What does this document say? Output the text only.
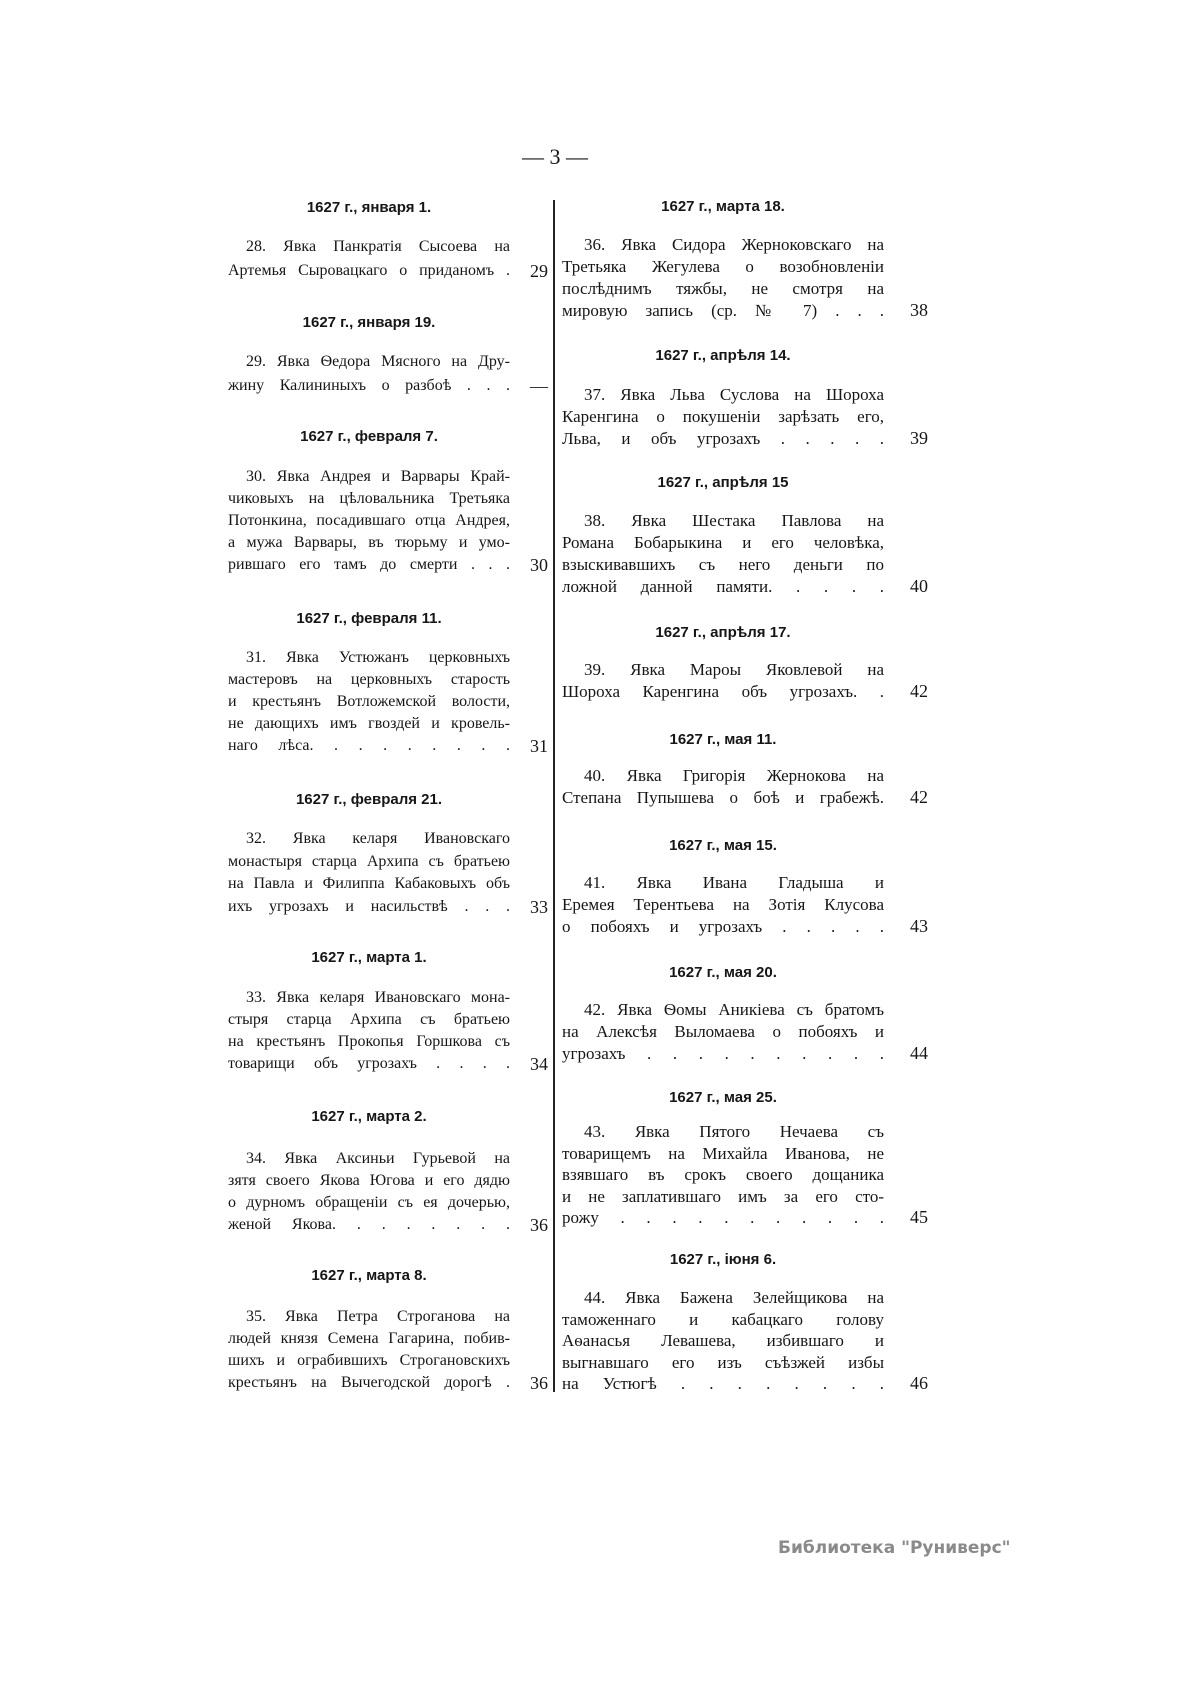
— 3 —
1627 г., января 1.
28. Явка Панкратія Сысоева на
Артемья Сыровацкаго о приданомъ .	29
1627 г., января 19.
29. Явка Ѳедора Мясного на Дру-
жину Калининыхъ о разбоѣ . . .	—
1627 г., февраля 7.
30. Явка Андрея и Варвары Край-
чиковыхъ на цѣловальника Третьяка
Потонкина, посадившаго отца Андрея,
а мужа Варвары, въ тюрьму и умо-
рившаго его тамъ до смерти . . .	30
1627 г., февраля 11.
31. Явка Устюжанъ церковныхъ
мастеровъ на церковныхъ старость
и крестьянъ Вотложемской волости,
не дающихъ имъ гвоздей и кровель-
наго лѣса. . . . . . . . .	31
1627 г., февраля 21.
32. Явка келаря Ивановскаго
монастыря старца Архипа съ братьею
на Павла и Филиппа Кабаковыхъ объ
ихъ угрозахъ и насильствѣ . . .	33
1627 г., марта 1.
33. Явка келаря Ивановскаго мона-
стыря старца Архипа съ братьею
на крестьянъ Прокопья Горшкова съ
товарищи объ угрозахъ . . . .	34
1627 г., марта 2.
34. Явка Аксиньи Гурьевой на
зятя своего Якова Югова и его дядю
о дурномъ обращеніи съ ея дочерью,
женой Якова. . . . . . . .	36
1627 г., марта 8.
35. Явка Петра Строганова на
людей князя Семена Гагарина, побив-
шихъ и ограбившихъ Строгановскихъ
крестьянъ на Вычегодской дорогѣ .	36
1627 г., марта 18.
36. Явка Сидора Жерноковскаго на
Третьяка Жегулева о возобновленіи
послѣднимъ тяжбы, не смотря на
мировую запись (ср. № 7) . . .	38
1627 г., апрѣля 14.
37. Явка Льва Суслова на Шороха
Каренгина о покушеніи зарѣзать его,
Льва, и объ угрозахъ . . . . .	39
1627 г., апрѣля 15
38. Явка Шестака Павлова на
Романа Бобарыкина и его человѣка,
взыскивавшихъ съ него деньги по
ложной данной памяти. . . . .	40
1627 г., апрѣля 17.
39. Явка Мароы Яковлевой на
Шороха Каренгина объ угрозахъ. .	42
1627 г., мая 11.
40. Явка Григорія Жернокова на
Степана Пупышева о боѣ и грабежѣ.	42
1627 г., мая 15.
41. Явка Ивана Гладыша и
Еремея Терентьева на Зотія Клусова
о побояхъ и угрозахъ . . . . .	43
1627 г., мая 20.
42. Явка Ѳомы Аникіева съ братомъ
на Алексѣя Выломаева о побояхъ и
угрозахъ . . . . . . . . . .	44
1627 г., мая 25.
43. Явка Пятого Нечаева съ
товарищемъ на Михайла Иванова, не
взявшаго въ срокъ своего дощаника
и не заплатившаго имъ за его сто-
рожу . . . . . . . . . . .	45
1627 г., іюня 6.
44. Явка Бажена Зелейщикова на
таможеннаго и кабацкаго голову
Аѳанасья Левашева, избившаго и
выгнавшаго его изъ съѣзжей избы
на Устюгѣ . . . . . . . .	46
Библиотека "Руниверс"
